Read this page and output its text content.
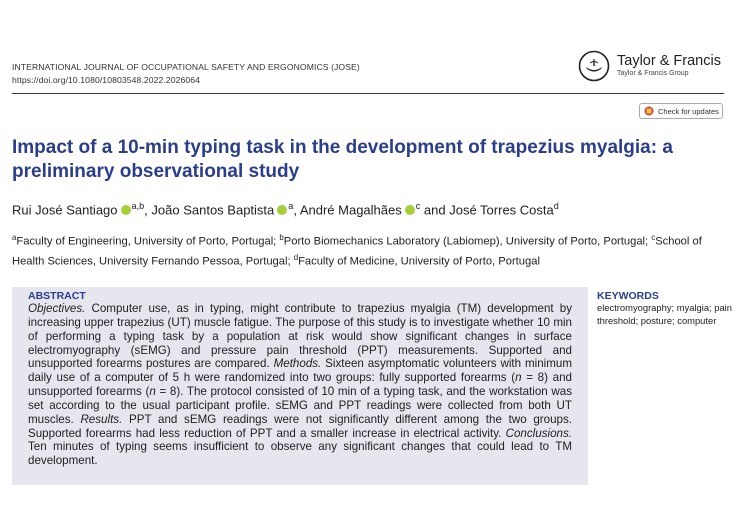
INTERNATIONAL JOURNAL OF OCCUPATIONAL SAFETY AND ERGONOMICS (JOSE)
https://doi.org/10.1080/10803548.2022.2026064
Taylor & Francis
Taylor & Francis Group
Check for updates
Impact of a 10-min typing task in the development of trapezius myalgia: a preliminary observational study
Rui José Santiago $^{a,b}$, João Santos Baptista $^a$, André Magalhães $^c$ and José Torres Costa$^d$
$^a$Faculty of Engineering, University of Porto, Portugal; $^b$Porto Biomechanics Laboratory (Labiomep), University of Porto, Portugal; $^c$School of Health Sciences, University Fernando Pessoa, Portugal; $^d$Faculty of Medicine, University of Porto, Portugal
ABSTRACT
Objectives. Computer use, as in typing, might contribute to trapezius myalgia (TM) development by increasing upper trapezius (UT) muscle fatigue. The purpose of this study is to investigate whether 10 min of performing a typing task by a population at risk would show significant changes in surface electromyography (sEMG) and pressure pain threshold (PPT) measurements. Supported and unsupported forearms postures are compared. Methods. Sixteen asymptomatic volunteers with minimum daily use of a computer of 5 h were randomized into two groups: fully supported forearms (n = 8) and unsupported forearms (n = 8). The protocol consisted of 10 min of a typing task, and the workstation was set according to the usual participant profile. sEMG and PPT readings were collected from both UT muscles. Results. PPT and sEMG readings were not significantly different among the two groups. Supported forearms had less reduction of PPT and a smaller increase in electrical activity. Conclusions. Ten minutes of typing seems insufficient to observe any significant changes that could lead to TM development.
KEYWORDS
electromyography; myalgia; pain threshold; posture; computer
